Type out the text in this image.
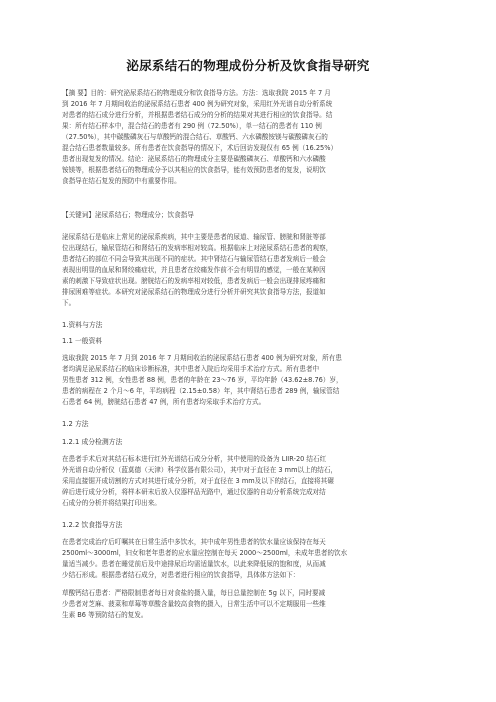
泌尿系结石的物理成份分析及饮食指导研究
【摘 要】目的：研究泌尿系结石的物理成分和饮食指导方法。方法：选取我院 2015 年 7 月
到 2016 年 7 月期间收治的泌尿系结石患者 400 例为研究对象，采用红外光谱自动分析系统
对患者的结石成分进行分析，并根据患者结石成分的分析的结果对其进行相应的饮食指导。结
果：所有结石样本中，混合结石的患者有 290 例（72.50%），单一结石的患者有 110 例
（27.50%），其中碳酸磷灰石与草酸钙的混合结石、草酸钙、六水磷酸铵镁与碳酸磷灰石的
混合结石患者数量较多。所有患者在饮食指导的情况下，术后回访发现仅有 65 例（16.25%）
患者出现复发的情况。结论：泌尿系结石的物理成分主要是碳酸磷灰石、草酸钙和六水磷酸
铵镁等，根据患者结石的物理成分予以其相应的饮食指导，能有效预防患者的复发，说明饮
食指导在结石复发的预防中有重要作用。
【关键词】泌尿系结石；物理成分；饮食指导
泌尿系结石是临床上常见的泌尿系疾病，其中主要是患者的尿道、输尿管、膀胱和肾脏等部
位出现结石，输尿管结石和肾结石的发病率相对较高。根据临床上对泌尿系结石患者的观察，
患者结石的部位不同会导致其出现不同的症状。其中肾结石与输尿管结石患者发病后一般会
表现出明显的血尿和肾绞痛症状，并且患者在绞痛发作前不会有明显的感觉，一般在某种因
素的刺激下导致症状出现。膀胱结石的发病率相对较低，患者发病后一般会出现排尿疼痛和
排尿困难等症状。本研究对泌尿系结石的物理成分进行分析并研究其饮食指导方法，报道如
下。
1.资料与方法
1.1 一般资料
选取我院 2015 年 7 月到 2016 年 7 月期间收治的泌尿系结石患者 400 例为研究对象，所有患
者均满足泌尿系结石的临床诊断标准，其中患者入院后均采用手术治疗方式。所有患者中
男性患者 312 例，女性患者 88 例，患者的年龄在 23～76 岁，平均年龄（43.62±8.76）岁，
患者的病程在 2 个月～6 年，平均病程（2.15±0.58）年，其中肾结石患者 289 例，输尿管结
石患者 64 例，膀胱结石患者 47 例，所有患者均采取手术治疗方式。
1.2 方法
1.2.1 成分检测方法
在患者手术后对其结石标本进行红外光谱结石成分分析，其中使用的设备为 LIIR-20 结石红
外光谱自动分析仪（蓝莫德（天津）科学仪器有限公司），其中对于直径在 3 mm以上的结石，
采用直接锯开成切割的方式对其进行成分分析，对于直径在 3 mm及以下的结石，直接将其碾
碎后进行成分分析，将样本研末后放入仪器样品光路中，通过仪器的自动分析系统完成对结
石成分的分析并将结果打印出来。
1.2.2 饮食指导方法
在患者完成治疗后叮嘱其在日常生活中多饮水，其中成年男性患者的饮水量应该保持在每天
2500ml～3000ml，妇女和老年患者的应水量应控制在每天 2000～2500ml，未成年患者的饮水
量适当减少。患者在睡觉前后及中途排尿后均需适量饮水，以此来降低尿的饱和度，从而减
少结石形成。根据患者结石成分，对患者进行相应的饮食指导，具体体方法如下：
草酸钙结石患者：严格限制患者每日对食盐的摄入量，每日总量控制在 5g 以下，同时要减
少患者对芝麻、菠菜和草莓等草酸含量较高食物的摄入，日常生活中可以不定期服用一些维
生素 B6 等预防结石的复发。
